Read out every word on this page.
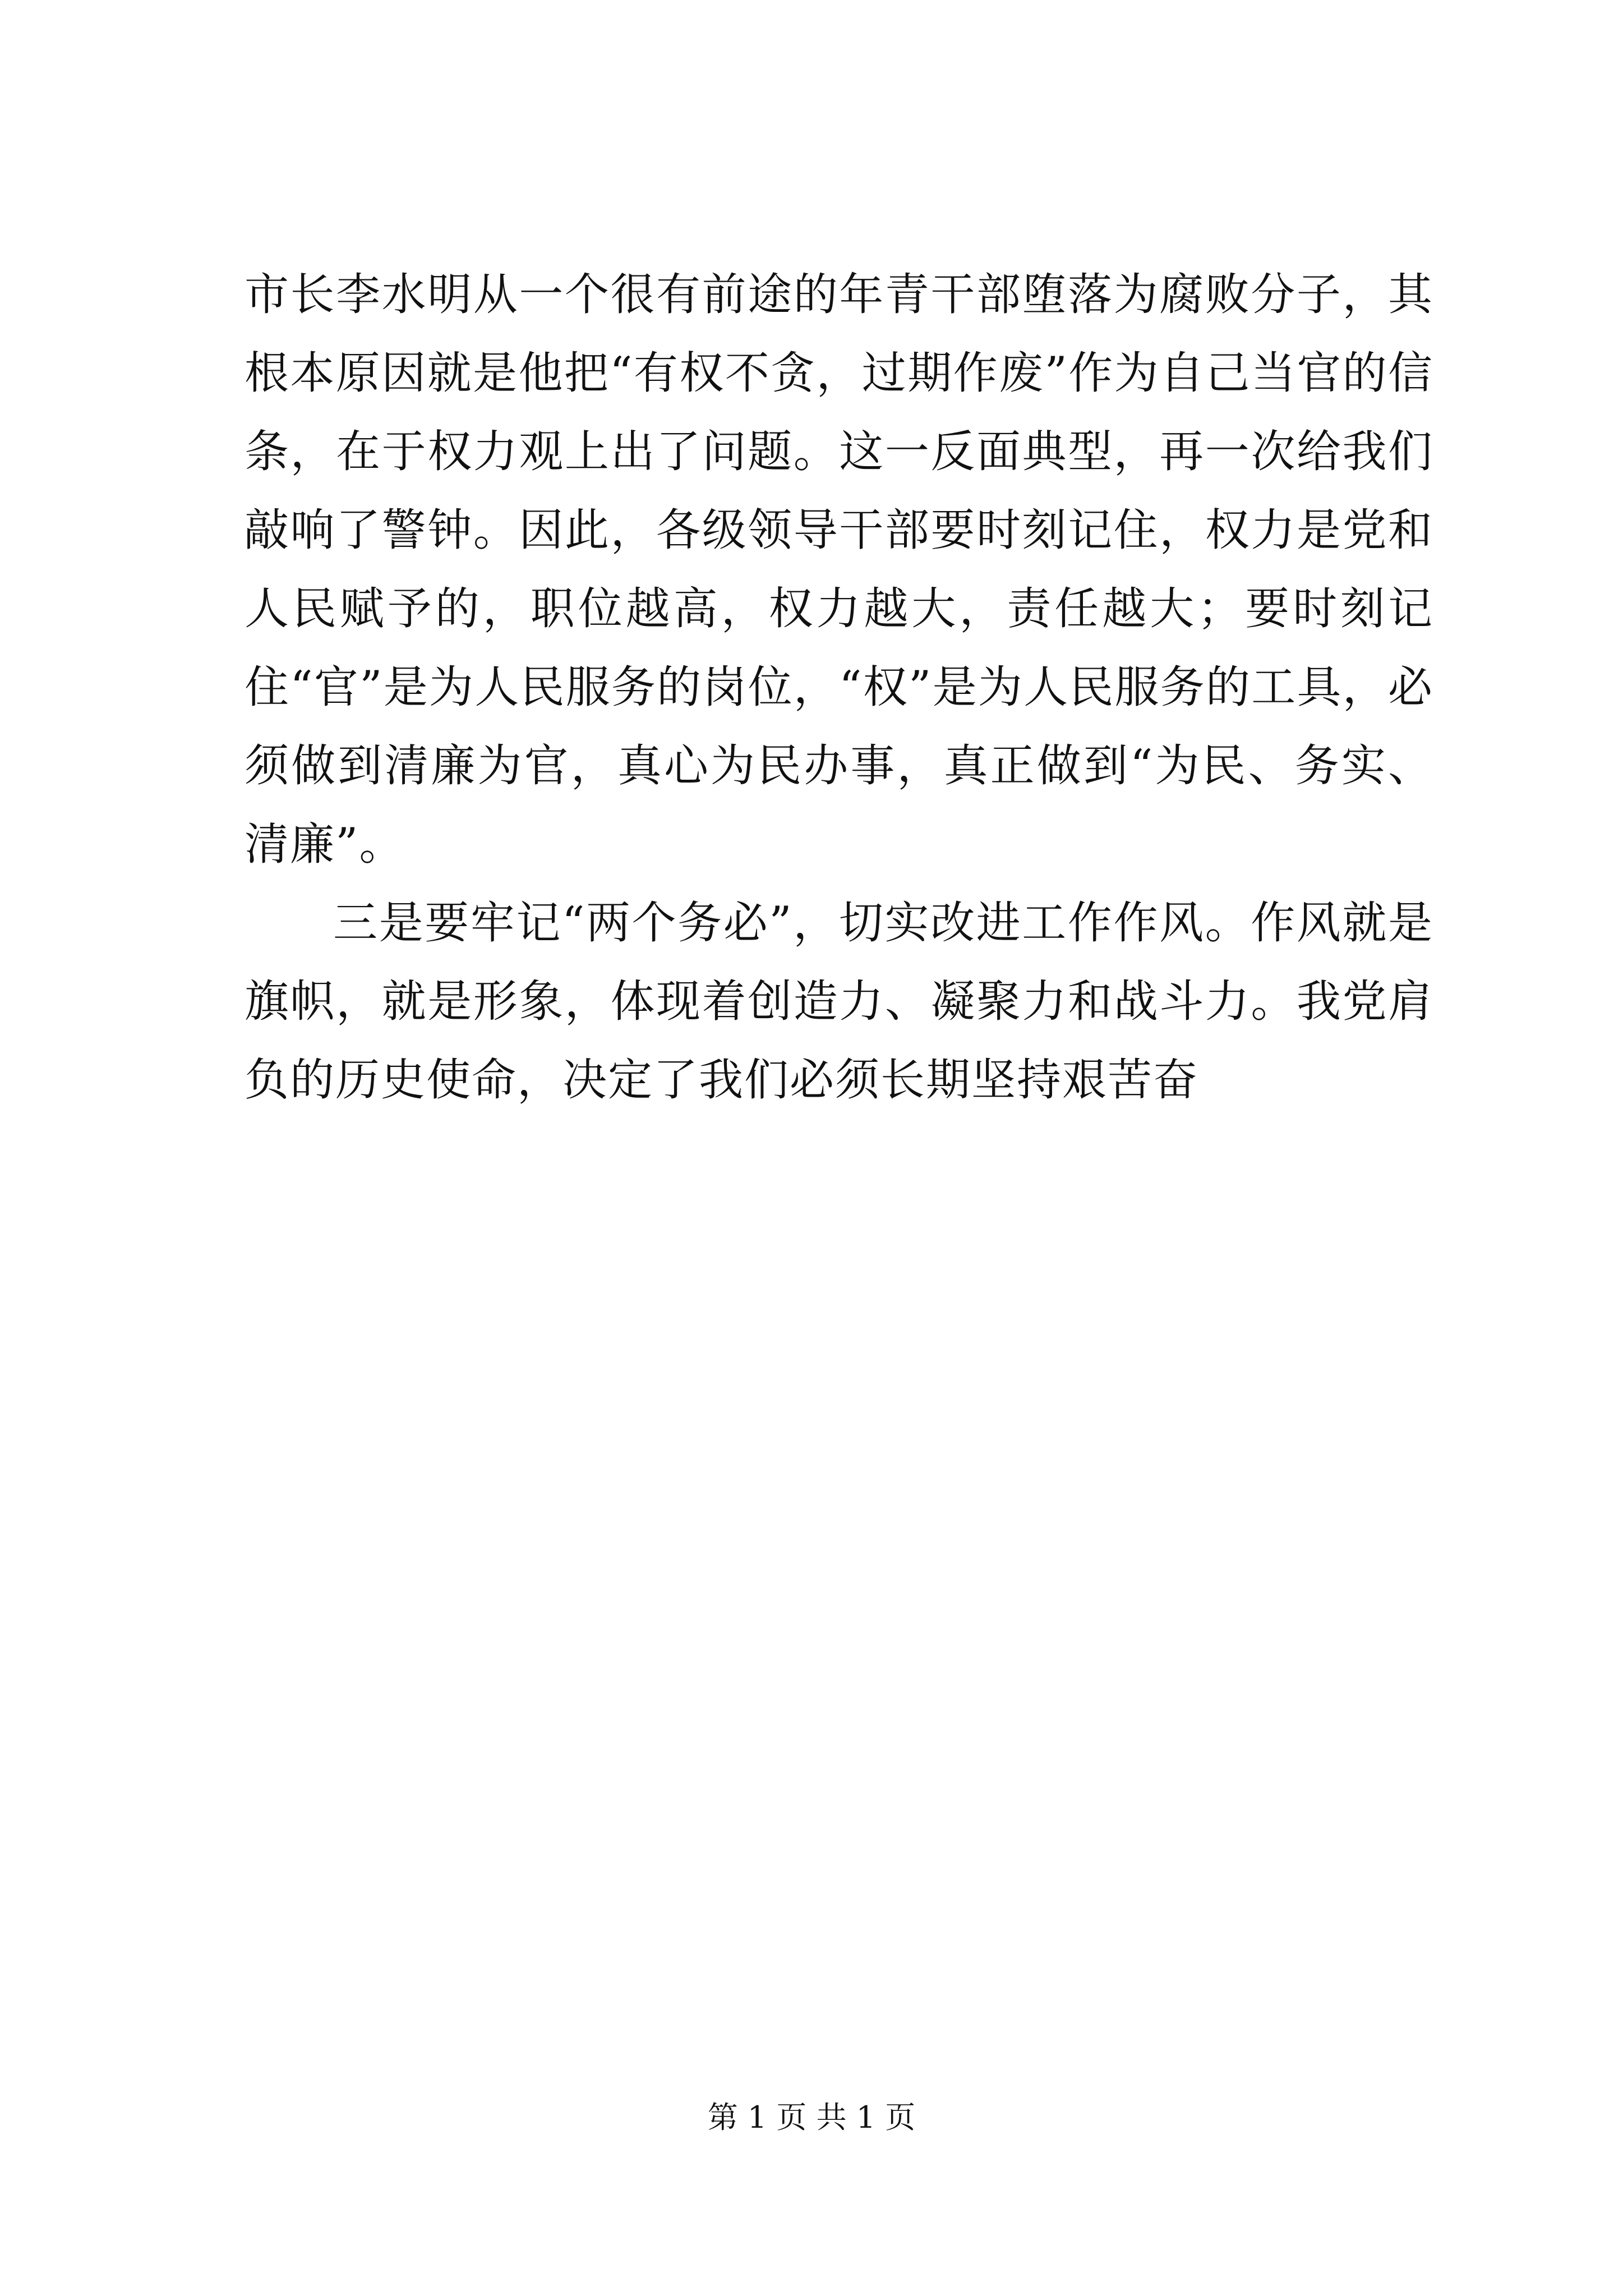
市长李水明从一个很有前途的年青干部堕落为腐败分子，其根本原因就是他把“有权不贪，过期作废”作为自己当官的信条，在于权力观上出了问题。这一反面典型，再一次给我们敲响了警钟。因此，各级领导干部要时刻记住，权力是党和人民赋予的，职位越高，权力越大，责任越大；要时刻记住“官”是为人民服务的岗位，“权”是为人民服务的工具，必须做到清廉为官，真心为民办事，真正做到“为民、务实、清廉”。

三是要牢记“两个务必”，切实改进工作作风。作风就是旗帜，就是形象，体现着创造力、凝聚力和战斗力。我党肩负的历史使命，决定了我们必须长期坚持艰苦奋

第 1 页 共 1 页
